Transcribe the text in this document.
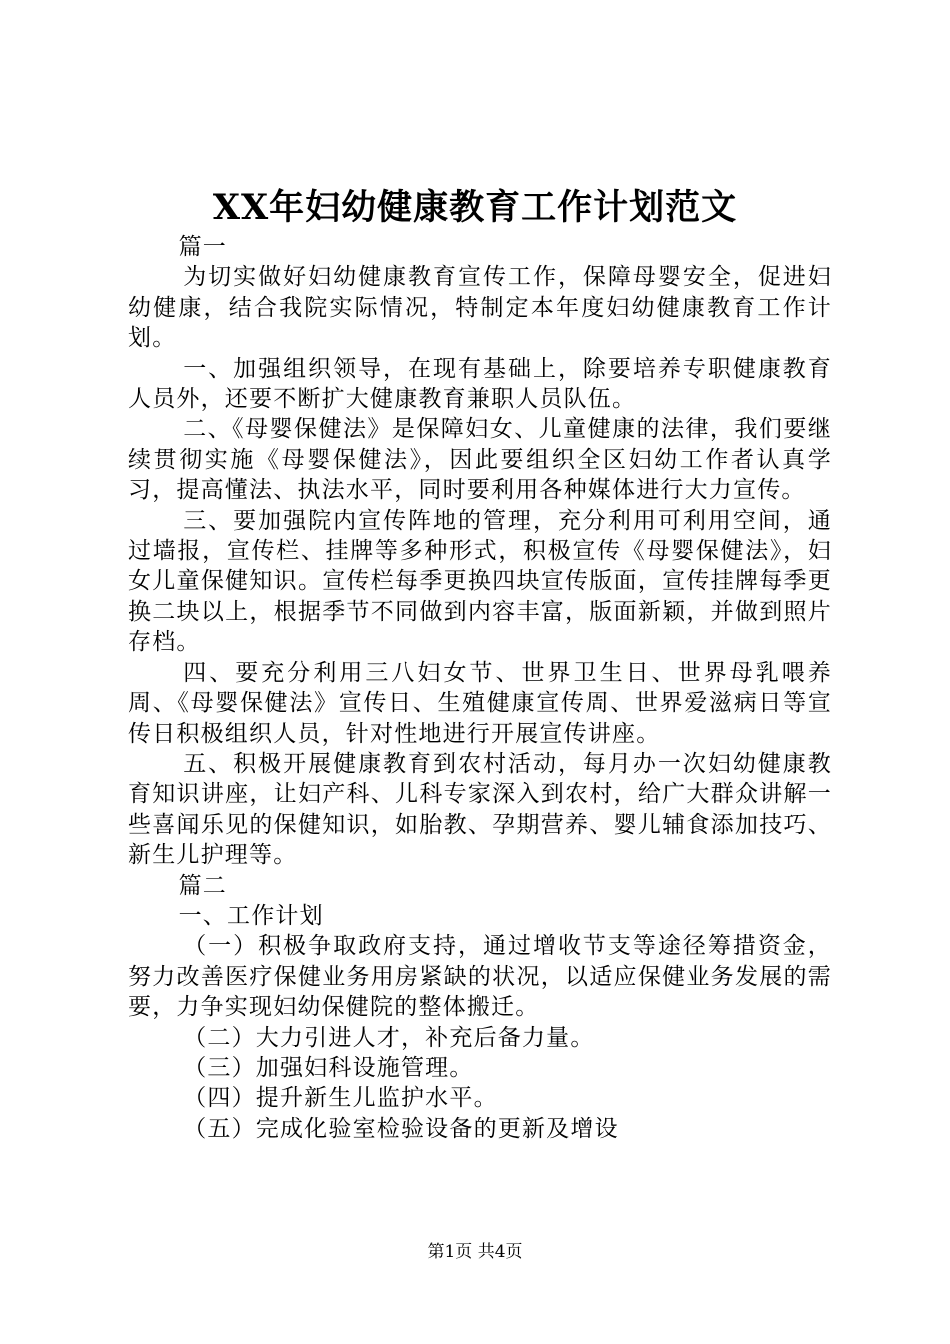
XX年妇幼健康教育工作计划范文

篇一

为切实做好妇幼健康教育宣传工作，保障母婴安全，促进妇幼健康，结合我院实际情况，特制定本年度妇幼健康教育工作计划。

一、加强组织领导，在现有基础上，除要培养专职健康教育人员外，还要不断扩大健康教育兼职人员队伍。

二、《母婴保健法》是保障妇女、儿童健康的法律，我们要继续贯彻实施《母婴保健法》，因此要组织全区妇幼工作者认真学习，提高懂法、执法水平，同时要利用各种媒体进行大力宣传。

三、要加强院内宣传阵地的管理，充分利用可利用空间，通过墙报，宣传栏、挂牌等多种形式，积极宣传《母婴保健法》，妇女儿童保健知识。宣传栏每季更换四块宣传版面，宣传挂牌每季更换二块以上，根据季节不同做到内容丰富，版面新颖，并做到照片存档。

四、要充分利用三八妇女节、世界卫生日、世界母乳喂养周、《母婴保健法》宣传日、生殖健康宣传周、世界爱滋病日等宣传日积极组织人员，针对性地进行开展宣传讲座。

五、积极开展健康教育到农村活动，每月办一次妇幼健康教育知识讲座，让妇产科、儿科专家深入到农村，给广大群众讲解一些喜闻乐见的保健知识，如胎教、孕期营养、婴儿辅食添加技巧、新生儿护理等。

篇二

一、工作计划

（一）积极争取政府支持，通过增收节支等途径筹措资金，努力改善医疗保健业务用房紧缺的状况，以适应保健业务发展的需要，力争实现妇幼保健院的整体搬迁。

（二）大力引进人才，补充后备力量。

（三）加强妇科设施管理。

（四）提升新生儿监护水平。

（五）完成化验室检验设备的更新及增设

第1页 共4页
